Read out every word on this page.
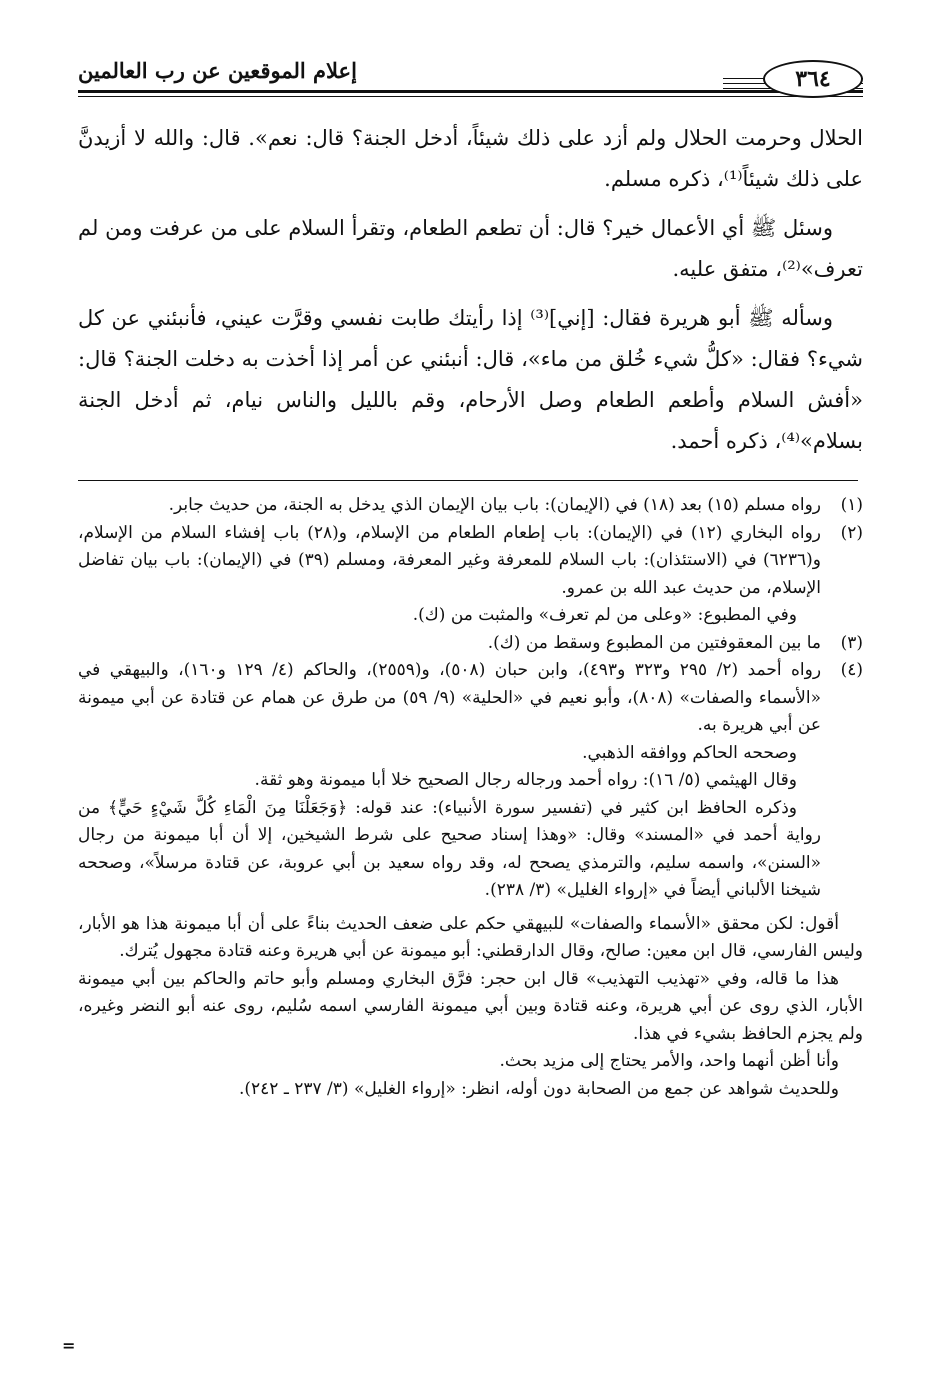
إعلام الموقعين عن رب العالمين	٣٦٤

الحلال وحرمت الحلال ولم أزد على ذلك شيئاً، أدخل الجنة؟ قال: نعم». قال: والله لا أزيدنَّ على ذلك شيئاً⁽¹⁾، ذكره مسلم.

وسئل ﷺ أي الأعمال خير؟ قال: أن تطعم الطعام، وتقرأ السلام على من عرفت ومن لم تعرف»⁽²⁾، متفق عليه.

وسأله ﷺ أبو هريرة فقال: [إني]⁽³⁾ إذا رأيتك طابت نفسي وقرَّت عيني، فأنبئني عن كل شيء؟ فقال: «كلُّ شيء خُلق من ماء»، قال: أنبئني عن أمر إذا أخذت به دخلت الجنة؟ قال: «أفش السلام وأطعم الطعام وصل الأرحام، وقم بالليل والناس نيام، ثم أدخل الجنة بسلام»⁽⁴⁾، ذكره أحمد.

(١)

رواه مسلم (١٥) بعد (١٨) في (الإيمان): باب بيان الإيمان الذي يدخل به الجنة، من حديث جابر.

(٢)

رواه البخاري (١٢) في (الإيمان): باب إطعام الطعام من الإسلام، و(٢٨) باب إفشاء السلام من الإسلام، و(٦٢٣٦) في (الاستئذان): باب السلام للمعرفة وغير المعرفة، ومسلم (٣٩) في (الإيمان): باب بيان تفاضل الإسلام، من حديث عبد الله بن عمرو.

وفي المطبوع: «وعلى من لم تعرف» والمثبت من (ك).

(٣)

ما بين المعقوفتين من المطبوع وسقط من (ك).

(٤)

رواه أحمد (٢/ ٢٩٥ و٣٢٣ و٤٩٣)، وابن حبان (٥٠٨)، و(٢٥٥٩)، والحاكم (٤/ ١٢٩ و١٦٠)، والبيهقي في «الأسماء والصفات» (٨٠٨)، وأبو نعيم في «الحلية» (٩/ ٥٩) من طرق عن همام عن قتادة عن أبي ميمونة عن أبي هريرة به.

وصححه الحاكم ووافقه الذهبي.

وقال الهيثمي (٥/ ١٦): رواه أحمد ورجاله رجال الصحيح خلا أبا ميمونة وهو ثقة.

وذكره الحافظ ابن كثير في (تفسير سورة الأنبياء): عند قوله: ﴿وَجَعَلْنَا مِنَ الْمَاءِ كُلَّ شَيْءٍ حَيٍّ﴾ من رواية أحمد في «المسند» وقال: «وهذا إسناد صحيح على شرط الشيخين، إلا أن أبا ميمونة من رجال «السنن»، واسمه سليم، والترمذي يصحح له، وقد رواه سعيد بن أبي عروبة، عن قتادة مرسلاً»، وصححه شيخنا الألباني أيضاً في «إرواء الغليل» (٣/ ٢٣٨).

أقول: لكن محقق «الأسماء والصفات» للبيهقي حكم على ضعف الحديث بناءً على أن أبا ميمونة هذا هو الأبار، وليس الفارسي، قال ابن معين: صالح، وقال الدارقطني: أبو ميمونة عن أبي هريرة وعنه قتادة مجهول يُترك.

هذا ما قاله، وفي «تهذيب التهذيب» قال ابن حجر: فرَّق البخاري ومسلم وأبو حاتم والحاكم بين أبي ميمونة الأبار، الذي روى عن أبي هريرة، وعنه قتادة وبين أبي ميمونة الفارسي اسمه سُليم، روى عنه أبو النضر وغيره، ولم يجزم الحافظ بشيء في هذا.

وأنا أظن أنهما واحد، والأمر يحتاج إلى مزيد بحث.

وللحديث شواهد عن جمع من الصحابة دون أوله، انظر: «إرواء الغليل» (٣/ ٢٣٧ ـ ٢٤٢).

=
